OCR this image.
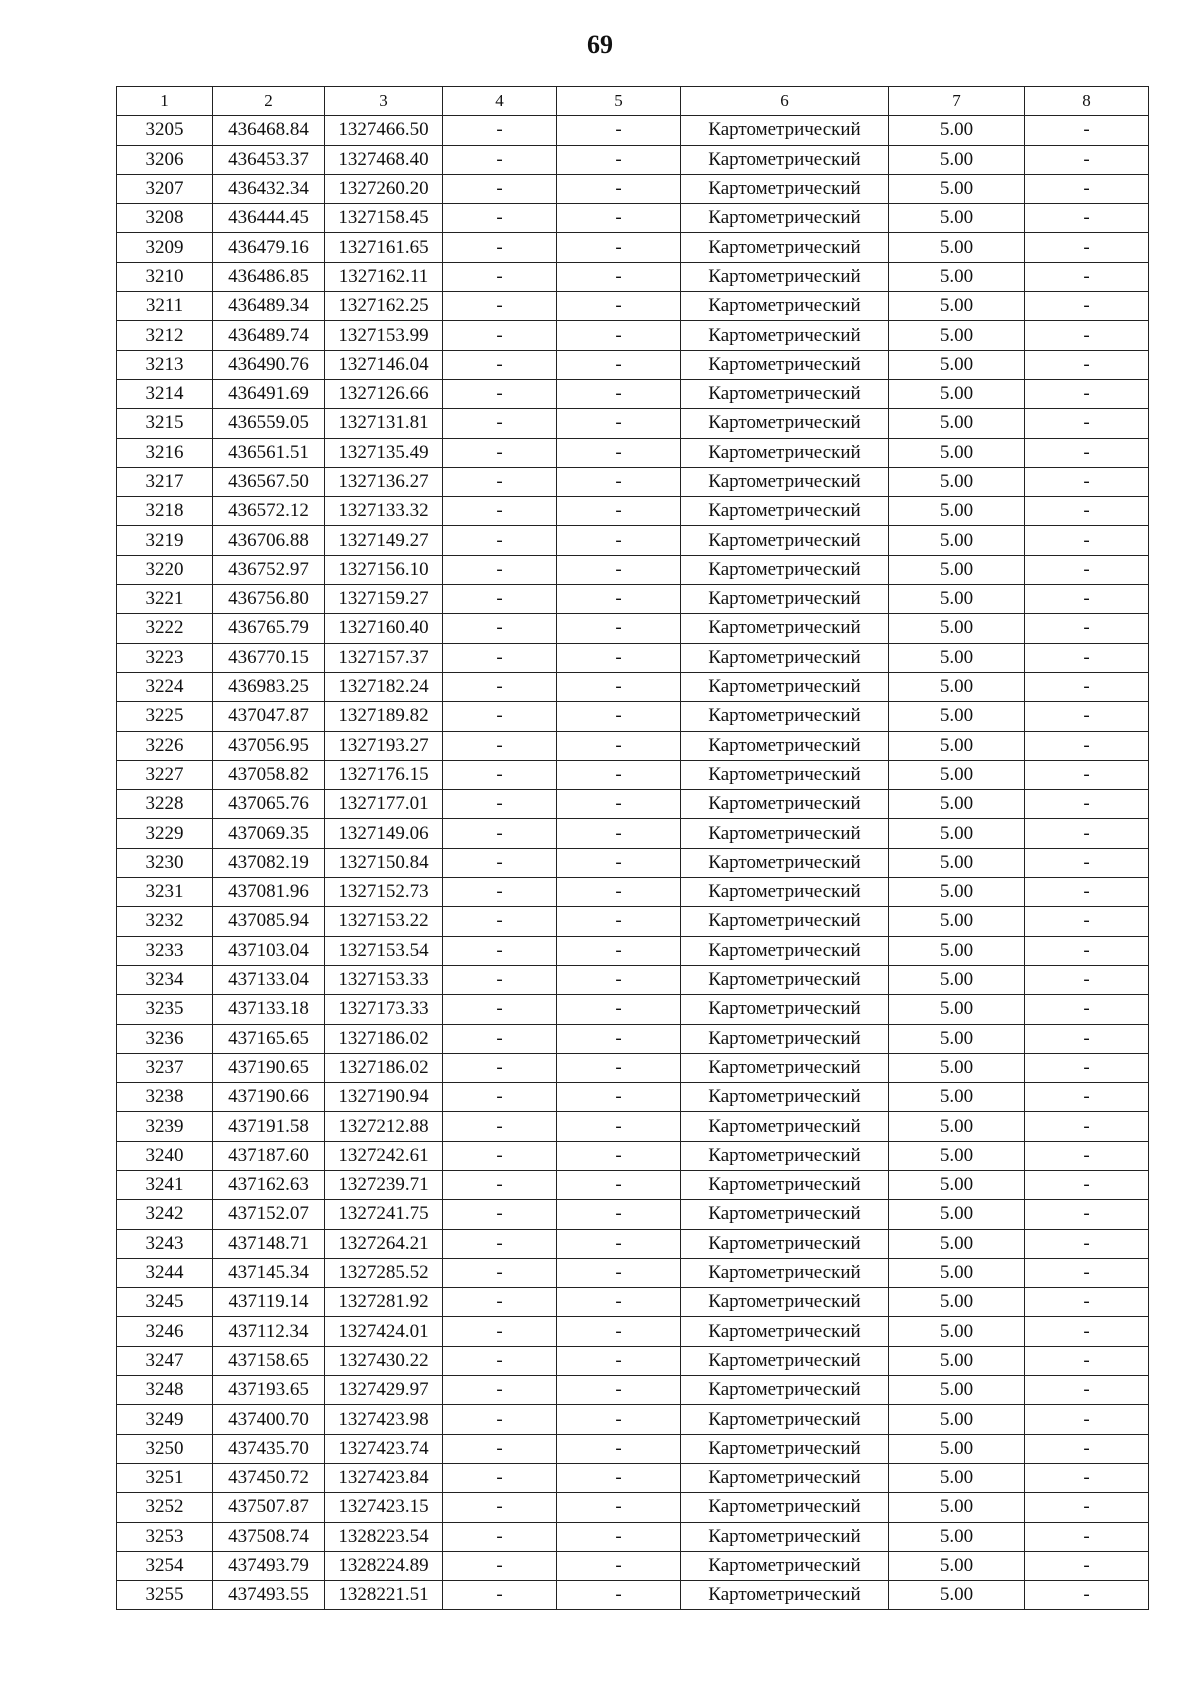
69
1	2	3	4	5	6	7	8
3205	436468.84	1327466.50	-	-	Картометрический	5.00	-
3206	436453.37	1327468.40	-	-	Картометрический	5.00	-
3207	436432.34	1327260.20	-	-	Картометрический	5.00	-
3208	436444.45	1327158.45	-	-	Картометрический	5.00	-
3209	436479.16	1327161.65	-	-	Картометрический	5.00	-
3210	436486.85	1327162.11	-	-	Картометрический	5.00	-
3211	436489.34	1327162.25	-	-	Картометрический	5.00	-
3212	436489.74	1327153.99	-	-	Картометрический	5.00	-
3213	436490.76	1327146.04	-	-	Картометрический	5.00	-
3214	436491.69	1327126.66	-	-	Картометрический	5.00	-
3215	436559.05	1327131.81	-	-	Картометрический	5.00	-
3216	436561.51	1327135.49	-	-	Картометрический	5.00	-
3217	436567.50	1327136.27	-	-	Картометрический	5.00	-
3218	436572.12	1327133.32	-	-	Картометрический	5.00	-
3219	436706.88	1327149.27	-	-	Картометрический	5.00	-
3220	436752.97	1327156.10	-	-	Картометрический	5.00	-
3221	436756.80	1327159.27	-	-	Картометрический	5.00	-
3222	436765.79	1327160.40	-	-	Картометрический	5.00	-
3223	436770.15	1327157.37	-	-	Картометрический	5.00	-
3224	436983.25	1327182.24	-	-	Картометрический	5.00	-
3225	437047.87	1327189.82	-	-	Картометрический	5.00	-
3226	437056.95	1327193.27	-	-	Картометрический	5.00	-
3227	437058.82	1327176.15	-	-	Картометрический	5.00	-
3228	437065.76	1327177.01	-	-	Картометрический	5.00	-
3229	437069.35	1327149.06	-	-	Картометрический	5.00	-
3230	437082.19	1327150.84	-	-	Картометрический	5.00	-
3231	437081.96	1327152.73	-	-	Картометрический	5.00	-
3232	437085.94	1327153.22	-	-	Картометрический	5.00	-
3233	437103.04	1327153.54	-	-	Картометрический	5.00	-
3234	437133.04	1327153.33	-	-	Картометрический	5.00	-
3235	437133.18	1327173.33	-	-	Картометрический	5.00	-
3236	437165.65	1327186.02	-	-	Картометрический	5.00	-
3237	437190.65	1327186.02	-	-	Картометрический	5.00	-
3238	437190.66	1327190.94	-	-	Картометрический	5.00	-
3239	437191.58	1327212.88	-	-	Картометрический	5.00	-
3240	437187.60	1327242.61	-	-	Картометрический	5.00	-
3241	437162.63	1327239.71	-	-	Картометрический	5.00	-
3242	437152.07	1327241.75	-	-	Картометрический	5.00	-
3243	437148.71	1327264.21	-	-	Картометрический	5.00	-
3244	437145.34	1327285.52	-	-	Картометрический	5.00	-
3245	437119.14	1327281.92	-	-	Картометрический	5.00	-
3246	437112.34	1327424.01	-	-	Картометрический	5.00	-
3247	437158.65	1327430.22	-	-	Картометрический	5.00	-
3248	437193.65	1327429.97	-	-	Картометрический	5.00	-
3249	437400.70	1327423.98	-	-	Картометрический	5.00	-
3250	437435.70	1327423.74	-	-	Картометрический	5.00	-
3251	437450.72	1327423.84	-	-	Картометрический	5.00	-
3252	437507.87	1327423.15	-	-	Картометрический	5.00	-
3253	437508.74	1328223.54	-	-	Картометрический	5.00	-
3254	437493.79	1328224.89	-	-	Картометрический	5.00	-
3255	437493.55	1328221.51	-	-	Картометрический	5.00	-
